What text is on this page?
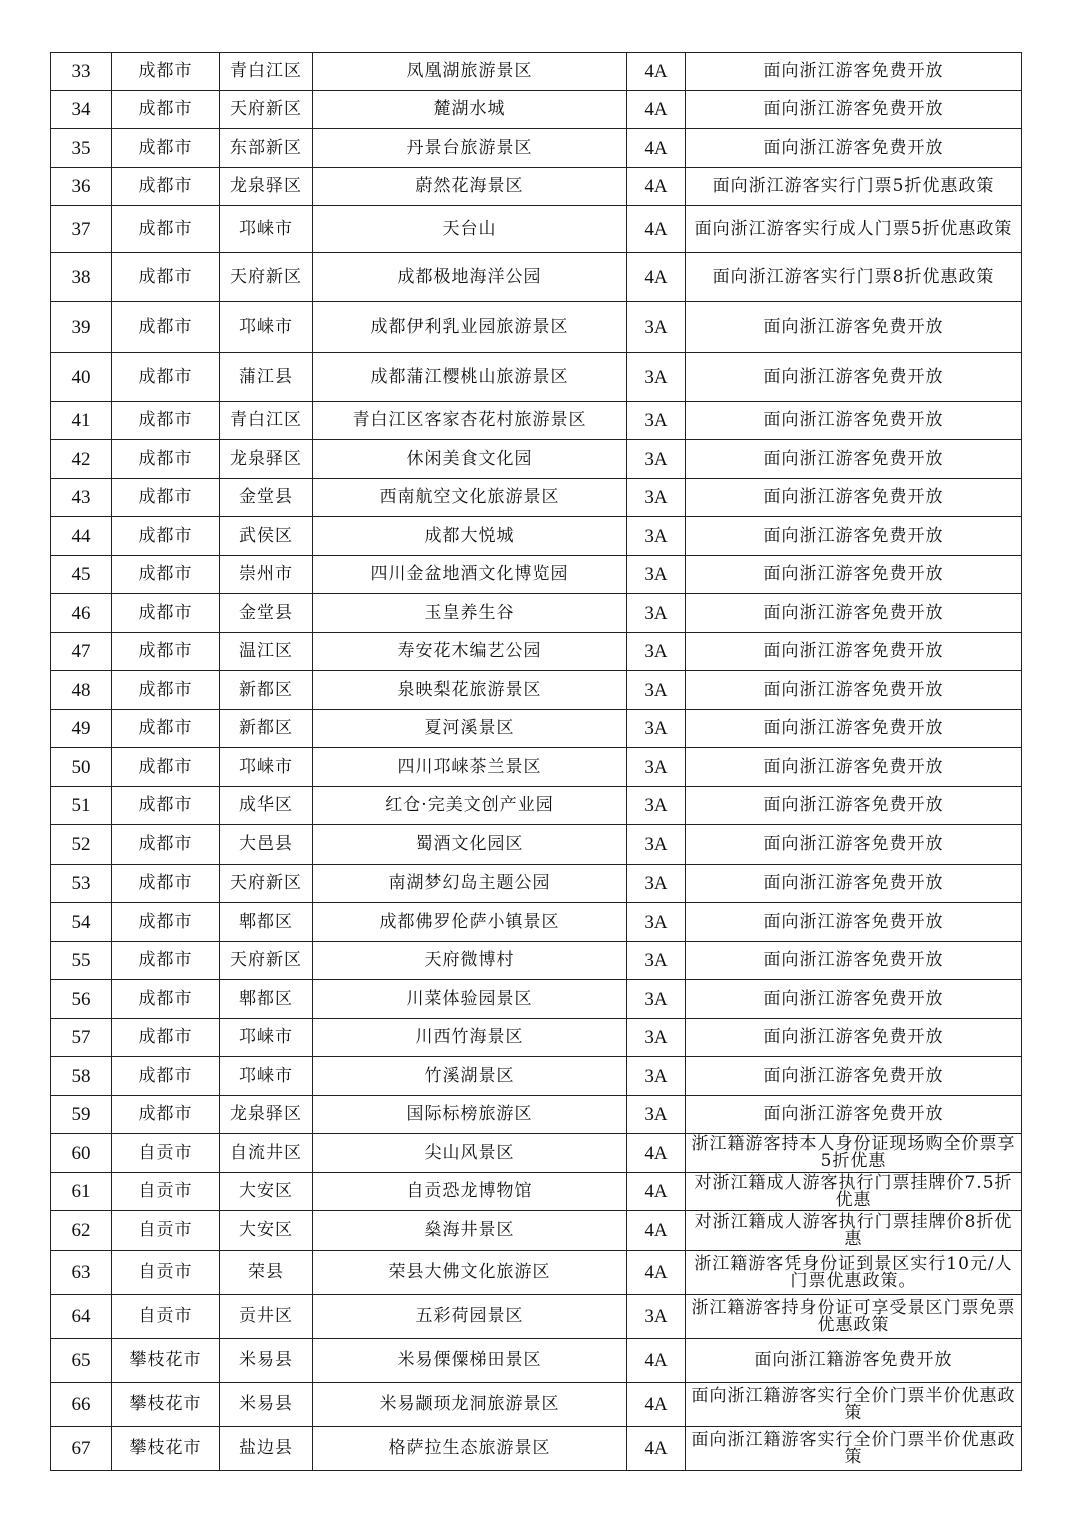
33	成都市	青白江区	凤凰湖旅游景区	4A	面向浙江游客免费开放
34	成都市	天府新区	麓湖水城	4A	面向浙江游客免费开放
35	成都市	东部新区	丹景台旅游景区	4A	面向浙江游客免费开放
36	成都市	龙泉驿区	蔚然花海景区	4A	面向浙江游客实行门票5折优惠政策
37	成都市	邛崃市	天台山	4A	面向浙江游客实行成人门票5折优惠政策
38	成都市	天府新区	成都极地海洋公园	4A	面向浙江游客实行门票8折优惠政策
39	成都市	邛崃市	成都伊利乳业园旅游景区	3A	面向浙江游客免费开放
40	成都市	蒲江县	成都蒲江樱桃山旅游景区	3A	面向浙江游客免费开放
41	成都市	青白江区	青白江区客家杏花村旅游景区	3A	面向浙江游客免费开放
42	成都市	龙泉驿区	休闲美食文化园	3A	面向浙江游客免费开放
43	成都市	金堂县	西南航空文化旅游景区	3A	面向浙江游客免费开放
44	成都市	武侯区	成都大悦城	3A	面向浙江游客免费开放
45	成都市	崇州市	四川金盆地酒文化博览园	3A	面向浙江游客免费开放
46	成都市	金堂县	玉皇养生谷	3A	面向浙江游客免费开放
47	成都市	温江区	寿安花木编艺公园	3A	面向浙江游客免费开放
48	成都市	新都区	泉映梨花旅游景区	3A	面向浙江游客免费开放
49	成都市	新都区	夏河溪景区	3A	面向浙江游客免费开放
50	成都市	邛崃市	四川邛崃茶兰景区	3A	面向浙江游客免费开放
51	成都市	成华区	红仓·完美文创产业园	3A	面向浙江游客免费开放
52	成都市	大邑县	蜀酒文化园区	3A	面向浙江游客免费开放
53	成都市	天府新区	南湖梦幻岛主题公园	3A	面向浙江游客免费开放
54	成都市	郫都区	成都佛罗伦萨小镇景区	3A	面向浙江游客免费开放
55	成都市	天府新区	天府微博村	3A	面向浙江游客免费开放
56	成都市	郫都区	川菜体验园景区	3A	面向浙江游客免费开放
57	成都市	邛崃市	川西竹海景区	3A	面向浙江游客免费开放
58	成都市	邛崃市	竹溪湖景区	3A	面向浙江游客免费开放
59	成都市	龙泉驿区	国际标榜旅游区	3A	面向浙江游客免费开放
60	自贡市	自流井区	尖山风景区	4A	浙江籍游客持本人身份证现场购全价票享5折优惠
61	自贡市	大安区	自贡恐龙博物馆	4A	对浙江籍成人游客执行门票挂牌价7.5折优惠
62	自贡市	大安区	燊海井景区	4A	对浙江籍成人游客执行门票挂牌价8折优惠
63	自贡市	荣县	荣县大佛文化旅游区	4A	浙江籍游客凭身份证到景区实行10元/人门票优惠政策。
64	自贡市	贡井区	五彩荷园景区	3A	浙江籍游客持身份证可享受景区门票免票优惠政策
65	攀枝花市	米易县	米易傈僳梯田景区	4A	面向浙江籍游客免费开放
66	攀枝花市	米易县	米易颛顼龙洞旅游景区	4A	面向浙江籍游客实行全价门票半价优惠政策
67	攀枝花市	盐边县	格萨拉生态旅游景区	4A	面向浙江籍游客实行全价门票半价优惠政策
